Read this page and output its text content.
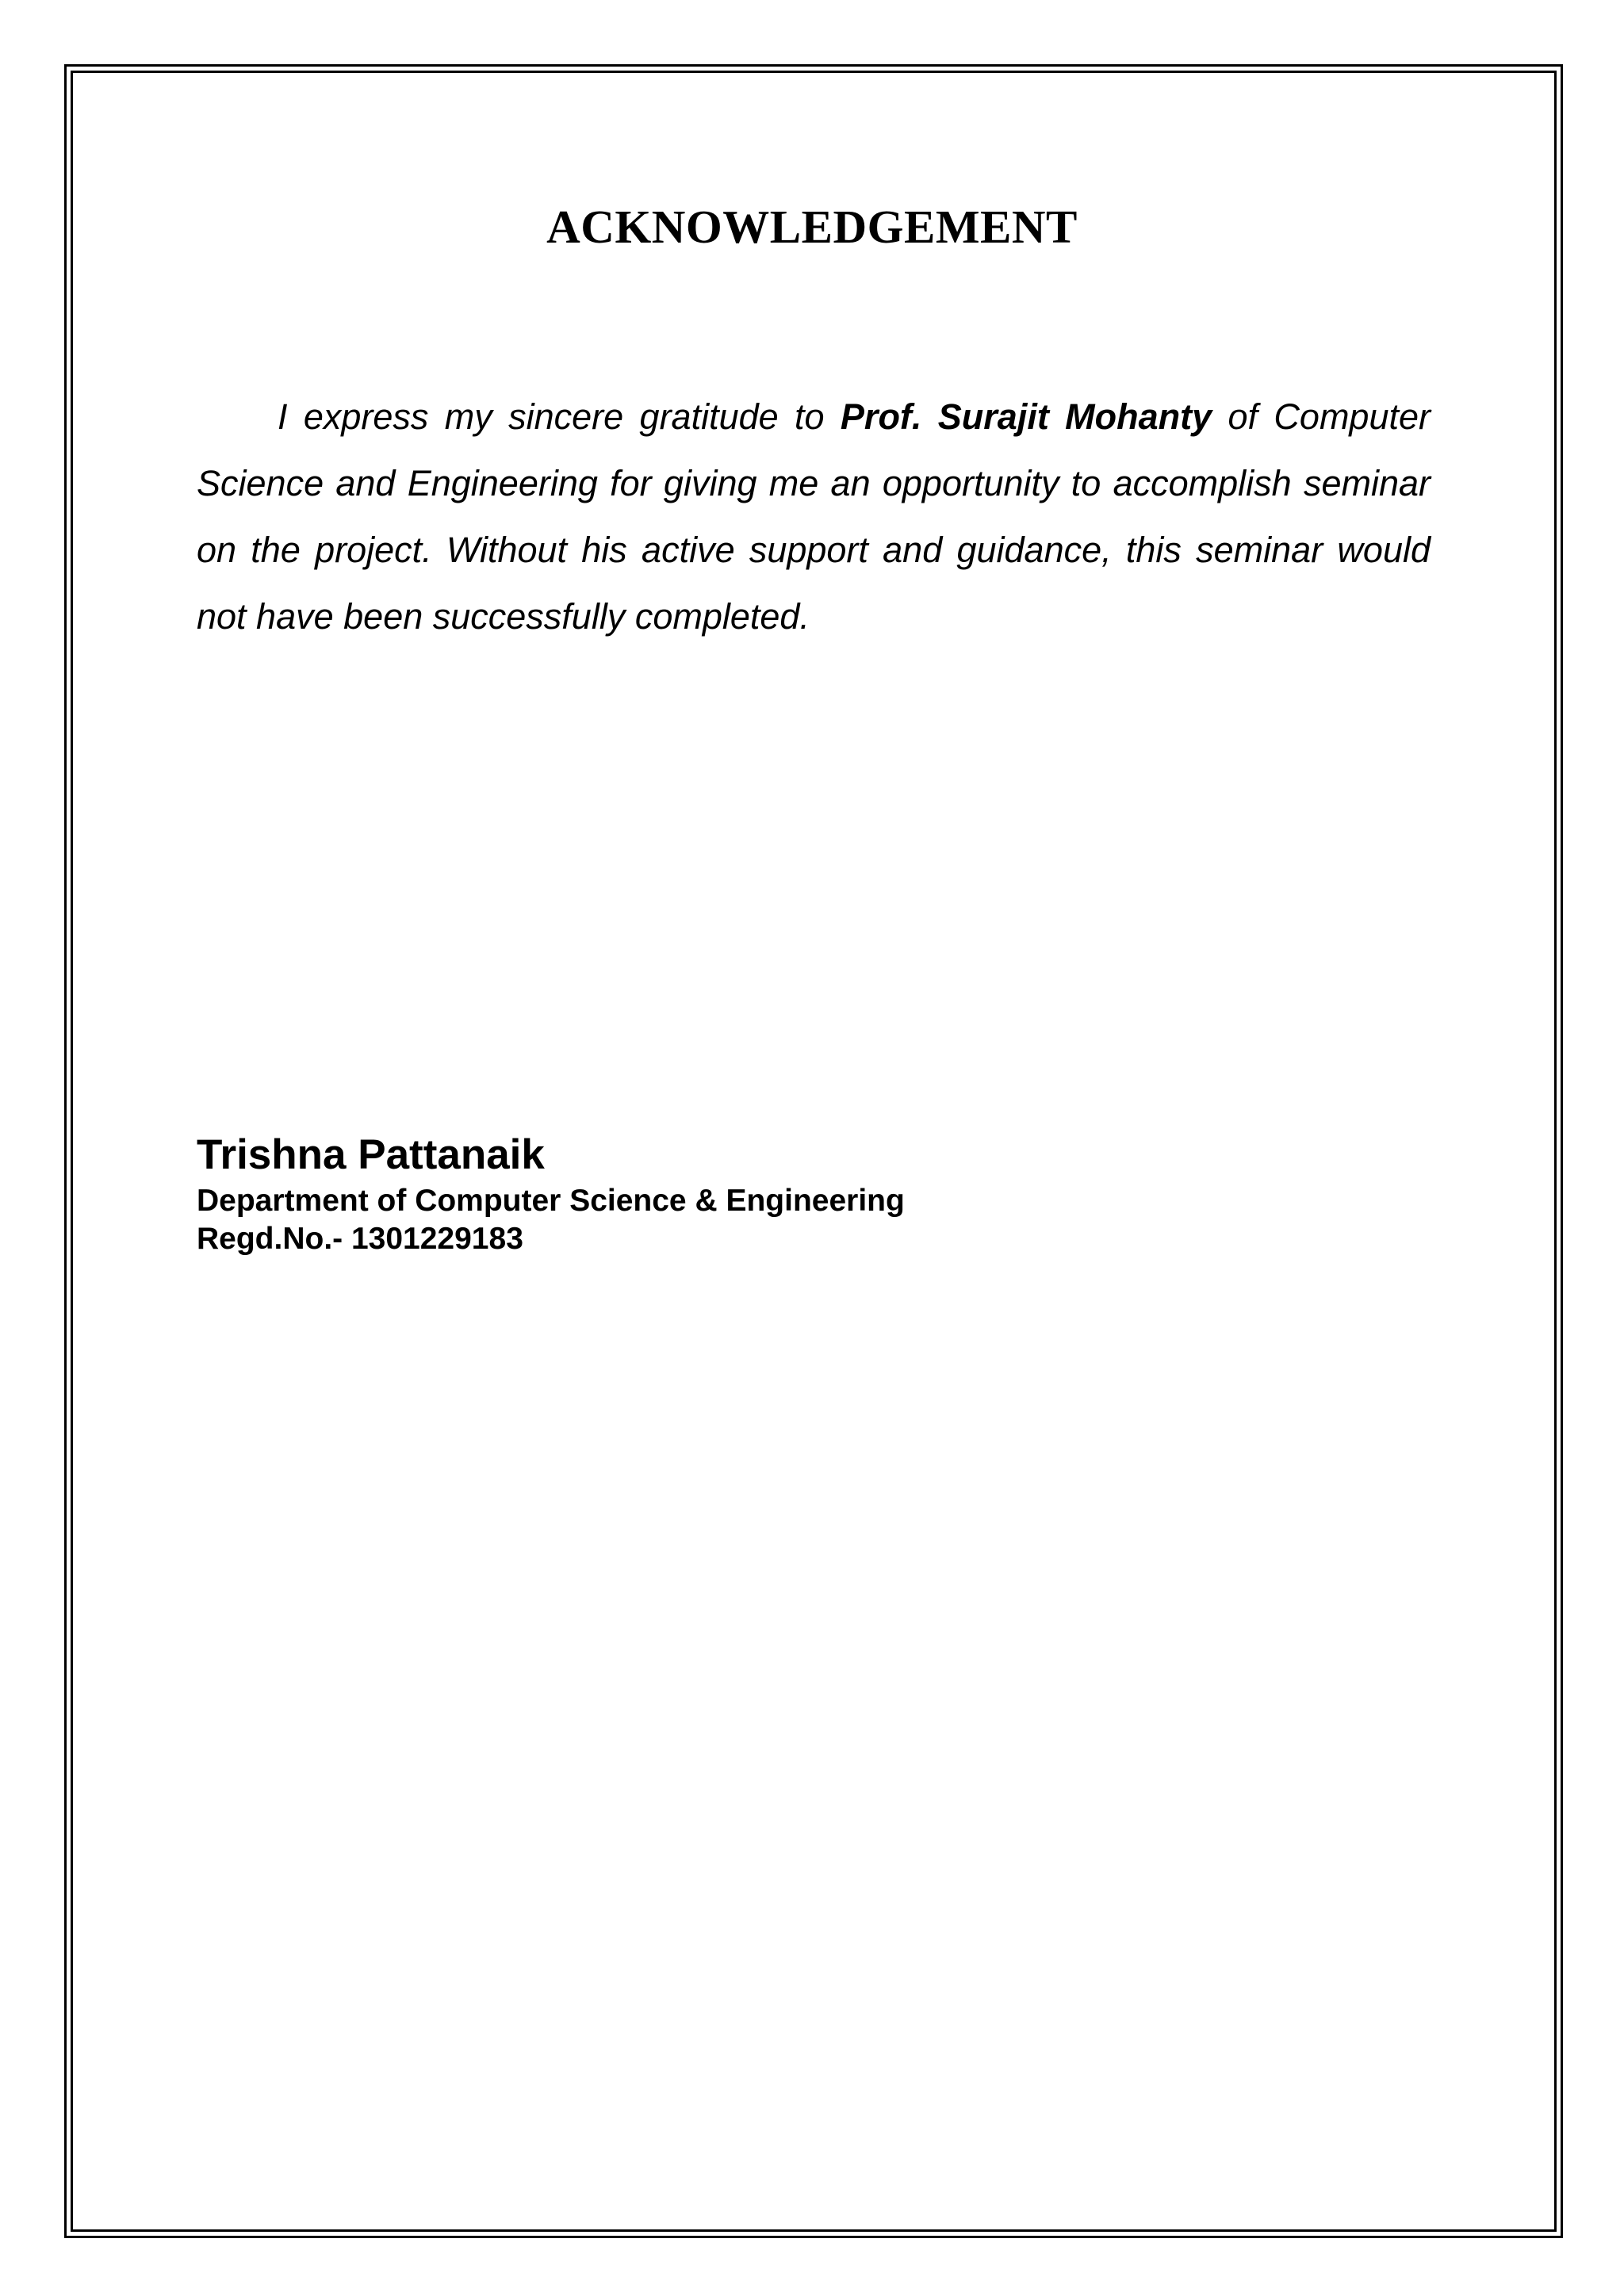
ACKNOWLEDGEMENT

I express my sincere gratitude to Prof. Surajit Mohanty of Computer Science and Engineering for giving me an opportunity to accomplish seminar on the project. Without his active support and guidance, this seminar would not have been successfully completed.

Trishna Pattanaik
Department of Computer Science & Engineering
Regd.No.- 1301229183
